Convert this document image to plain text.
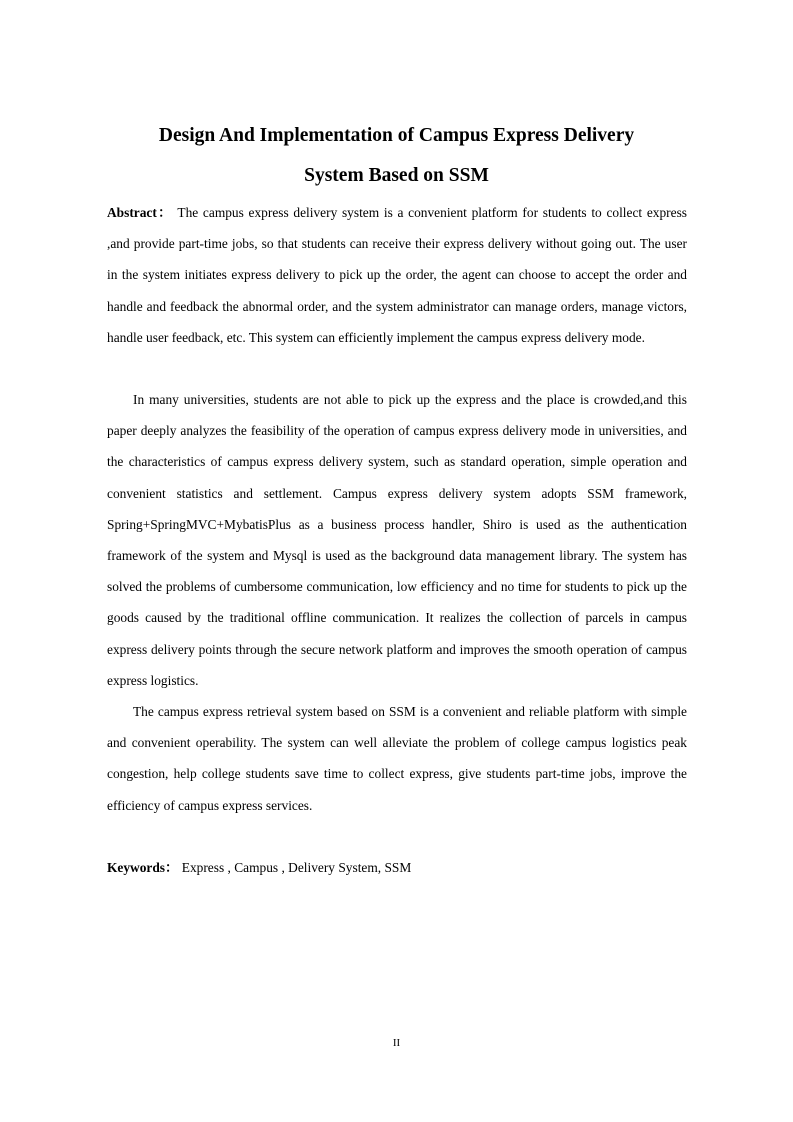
Design And Implementation of Campus Express Delivery
System Based on SSM

Abstract： The campus express delivery system is a convenient platform for students to collect express ,and provide part-time jobs, so that students can receive their express delivery without going out. The user in the system initiates express delivery to pick up the order, the agent can choose to accept the order and handle and feedback the abnormal order, and the system administrator can manage orders, manage victors, handle user feedback, etc. This system can efficiently implement the campus express delivery mode.

In many universities, students are not able to pick up the express and the place is crowded,and this paper deeply analyzes the feasibility of the operation of campus express delivery mode in universities, and the characteristics of campus express delivery system, such as standard operation, simple operation and convenient statistics and settlement. Campus express delivery system adopts SSM framework, Spring+SpringMVC+MybatisPlus as a business process handler, Shiro is used as the authentication framework of the system and Mysql is used as the background data management library. The system has solved the problems of cumbersome communication, low efficiency and no time for students to pick up the goods caused by the traditional offline communication. It realizes the collection of parcels in campus express delivery points through the secure network platform and improves the smooth operation of campus express logistics.

The campus express retrieval system based on SSM is a convenient and reliable platform with simple and convenient operability. The system can well alleviate the problem of college campus logistics peak congestion, help college students save time to collect express, give students part-time jobs, improve the efficiency of campus express services.

Keywords： Express , Campus , Delivery System, SSM

II
